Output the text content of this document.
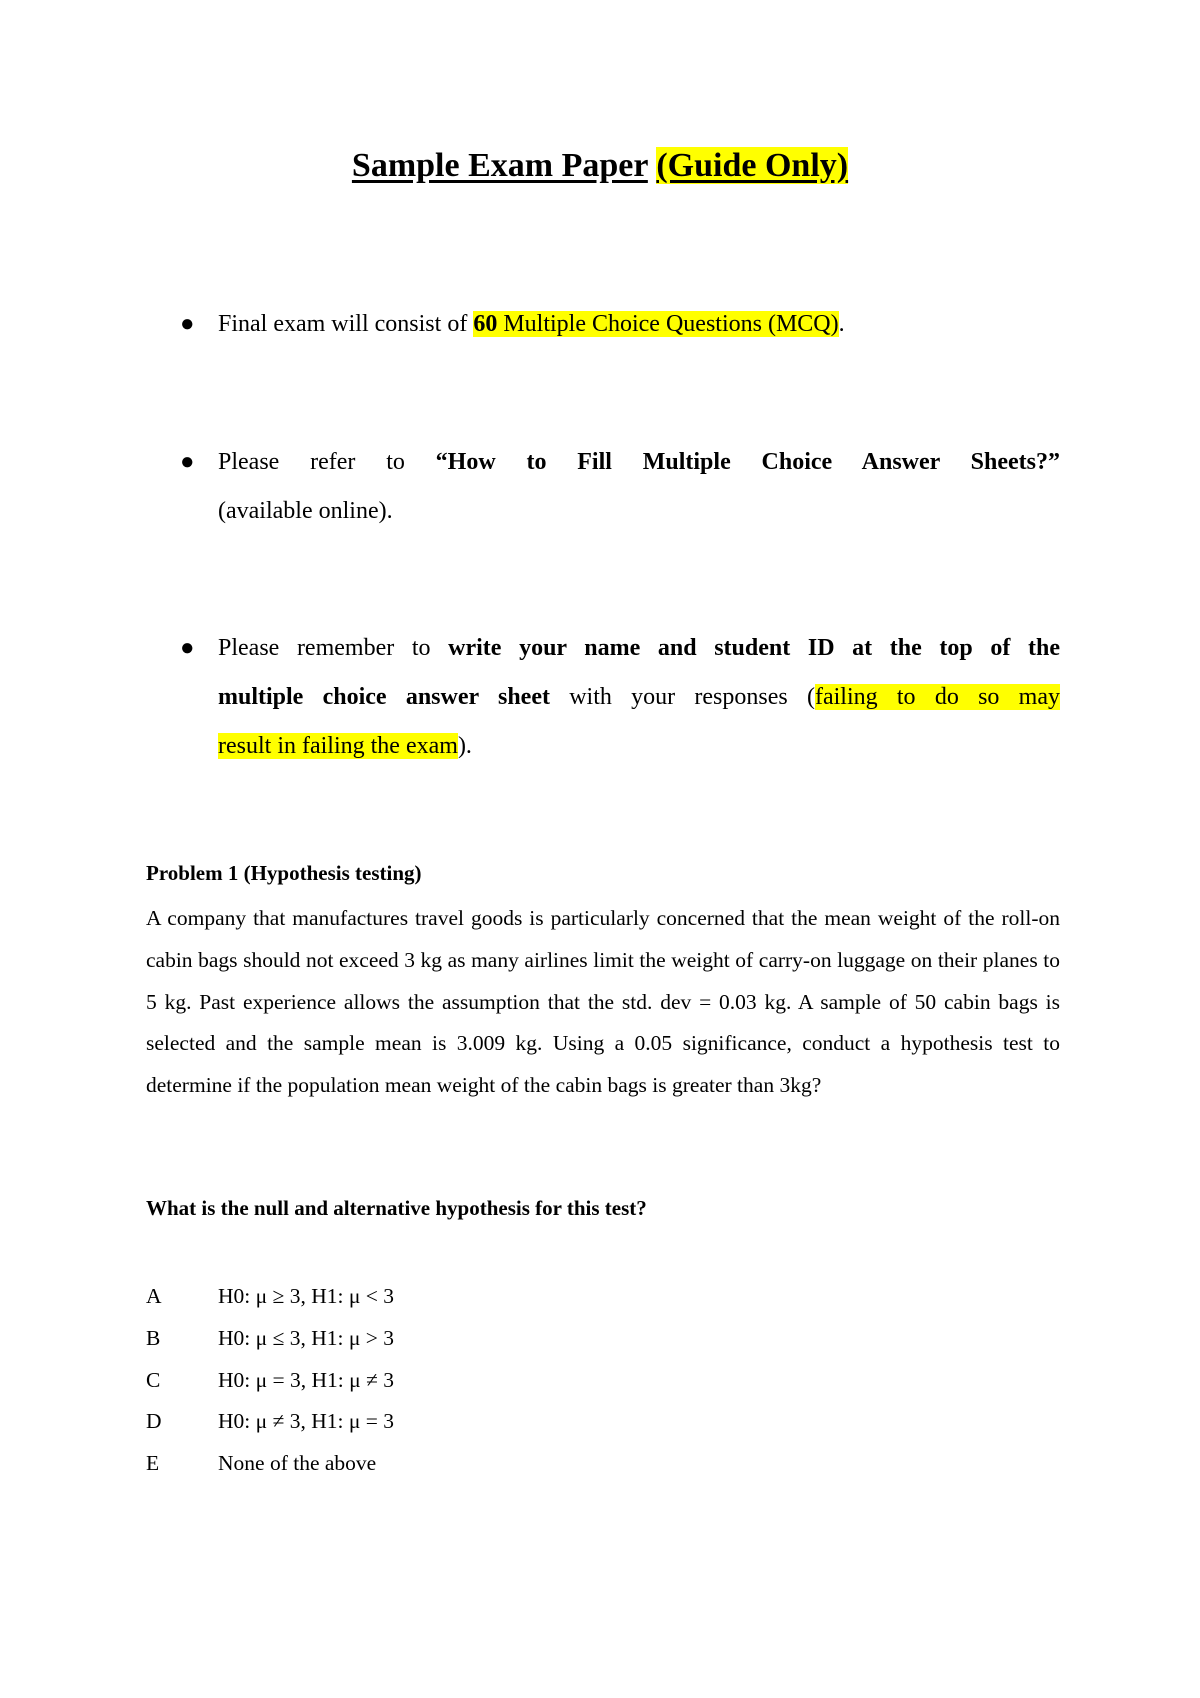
Sample Exam Paper (Guide Only)
● Final exam will consist of 60 Multiple Choice Questions (MCQ).
● Please refer to “How to Fill Multiple Choice Answer Sheets?”
(available online).
● Please remember to write your name and student ID at the top of the
multiple choice answer sheet with your responses (failing to do so may
result in failing the exam).
Problem 1 (Hypothesis testing)
A company that manufactures travel goods is particularly concerned that the mean weight of the roll-on cabin bags should not exceed 3 kg as many airlines limit the weight of carry-on luggage on their planes to 5 kg. Past experience allows the assumption that the std. dev = 0.03 kg. A sample of 50 cabin bags is selected and the sample mean is 3.009 kg. Using a 0.05 significance, conduct a hypothesis test to determine if the population mean weight of the cabin bags is greater than 3kg?
What is the null and alternative hypothesis for this test?
A	H0: μ ≥ 3, H1: μ < 3
B	H0: μ ≤ 3, H1: μ > 3
C	H0: μ = 3, H1: μ ≠ 3
D	H0: μ ≠ 3, H1: μ = 3
E	None of the above
